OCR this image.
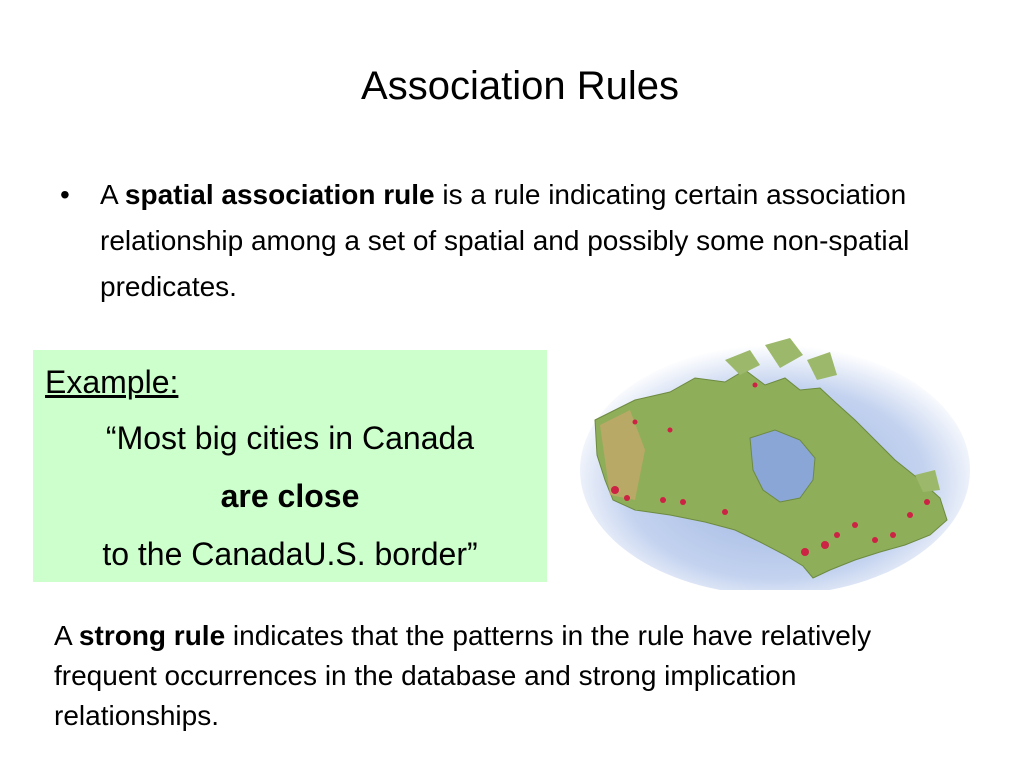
Association Rules
• A spatial association rule is a rule indicating certain association relationship among a set of spatial and possibly some non-spatial predicates.
Example:
“Most big cities in Canada
are close
to the CanadaU.S. border”
A strong rule indicates that the patterns in the rule have relatively frequent occurrences in the database and strong implication relationships.
